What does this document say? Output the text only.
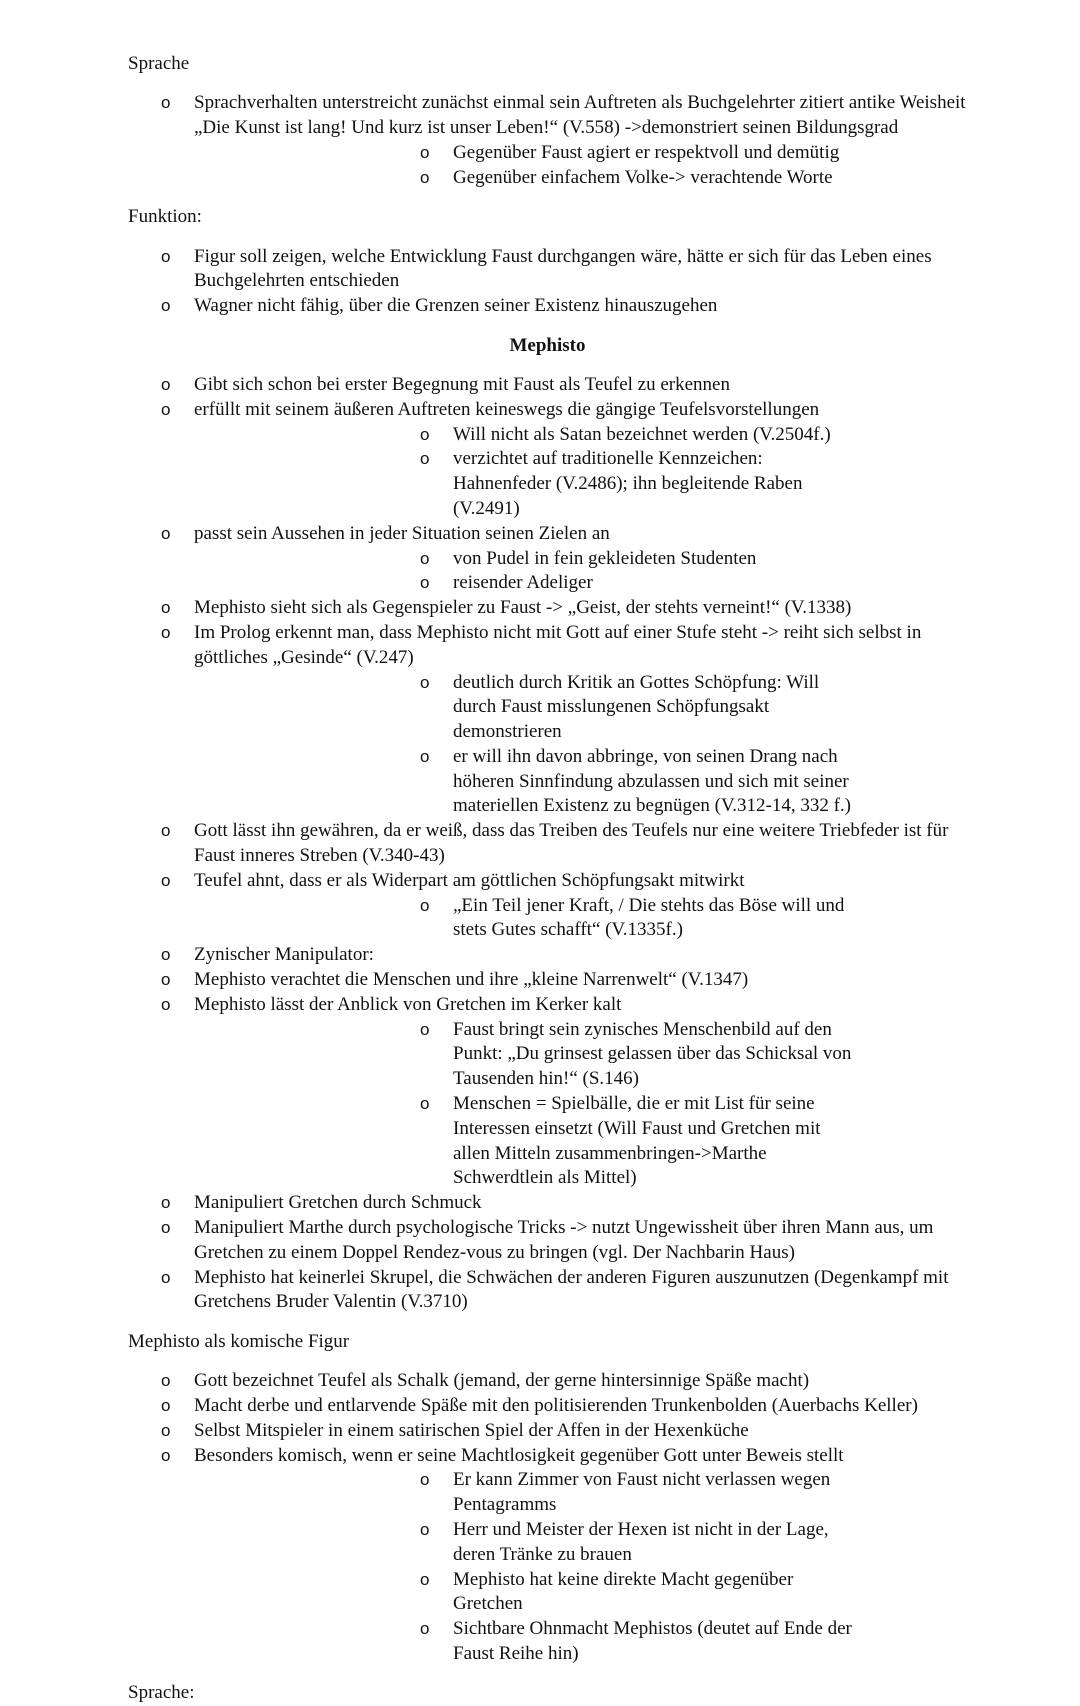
Sprache
o Sprachverhalten unterstreicht zunächst einmal sein Auftreten als Buchgelehrter zitiert antike Weisheit „Die Kunst ist lang! Und kurz ist unser Leben!“ (V.558) ->demonstriert seinen Bildungsgrad
o Gegenüber Faust agiert er respektvoll und demütig
o Gegenüber einfachem Volke-> verachtende Worte
Funktion:
o Figur soll zeigen, welche Entwicklung Faust durchgangen wäre, hätte er sich für das Leben eines Buchgelehrten entschieden
o Wagner nicht fähig, über die Grenzen seiner Existenz hinauszugehen
Mephisto
o Gibt sich schon bei erster Begegnung mit Faust als Teufel zu erkennen
o erfüllt mit seinem äußeren Auftreten keineswegs die gängige Teufelsvorstellungen
o Will nicht als Satan bezeichnet werden (V.2504f.)
o verzichtet auf traditionelle Kennzeichen: Hahnenfeder (V.2486); ihn begleitende Raben (V.2491)
o passt sein Aussehen in jeder Situation seinen Zielen an
o von Pudel in fein gekleideten Studenten
o reisender Adeliger
o Mephisto sieht sich als Gegenspieler zu Faust -> „Geist, der stehts verneint!“ (V.1338)
o Im Prolog erkennt man, dass Mephisto nicht mit Gott auf einer Stufe steht -> reiht sich selbst in göttliches „Gesinde“ (V.247)
o deutlich durch Kritik an Gottes Schöpfung: Will durch Faust misslungenen Schöpfungsakt demonstrieren
o er will ihn davon abbringe, von seinen Drang nach höheren Sinnfindung abzulassen und sich mit seiner materiellen Existenz zu begnügen (V.312-14, 332 f.)
o Gott lässt ihn gewähren, da er weiß, dass das Treiben des Teufels nur eine weitere Triebfeder ist für Faust inneres Streben (V.340-43)
o Teufel ahnt, dass er als Widerpart am göttlichen Schöpfungsakt mitwirkt
o „Ein Teil jener Kraft, / Die stehts das Böse will und stets Gutes schafft“ (V.1335f.)
o Zynischer Manipulator:
o Mephisto verachtet die Menschen und ihre „kleine Narrenwelt“ (V.1347)
o Mephisto lässt der Anblick von Gretchen im Kerker kalt
o Faust bringt sein zynisches Menschenbild auf den Punkt: „Du grinsest gelassen über das Schicksal von Tausenden hin!“ (S.146)
o Menschen = Spielbälle, die er mit List für seine Interessen einsetzt (Will Faust und Gretchen mit allen Mitteln zusammenbringen->Marthe Schwerdtlein als Mittel)
o Manipuliert Gretchen durch Schmuck
o Manipuliert Marthe durch psychologische Tricks -> nutzt Ungewissheit über ihren Mann aus, um Gretchen zu einem Doppel Rendez-vous zu bringen (vgl. Der Nachbarin Haus)
o Mephisto hat keinerlei Skrupel, die Schwächen der anderen Figuren auszunutzen (Degenkampf mit Gretchens Bruder Valentin (V.3710)
Mephisto als komische Figur
o Gott bezeichnet Teufel als Schalk (jemand, der gerne hintersinnige Späße macht)
o Macht derbe und entlarvende Späße mit den politisierenden Trunkenbolden (Auerbachs Keller)
o Selbst Mitspieler in einem satirischen Spiel der Affen in der Hexenküche
o Besonders komisch, wenn er seine Machtlosigkeit gegenüber Gott unter Beweis stellt
o Er kann Zimmer von Faust nicht verlassen wegen Pentagramms
o Herr und Meister der Hexen ist nicht in der Lage, deren Tränke zu brauen
o Mephisto hat keine direkte Macht gegenüber Gretchen
o Sichtbare Ohnmacht Mephistos (deutet auf Ende der Faust Reihe hin)
Sprache:
